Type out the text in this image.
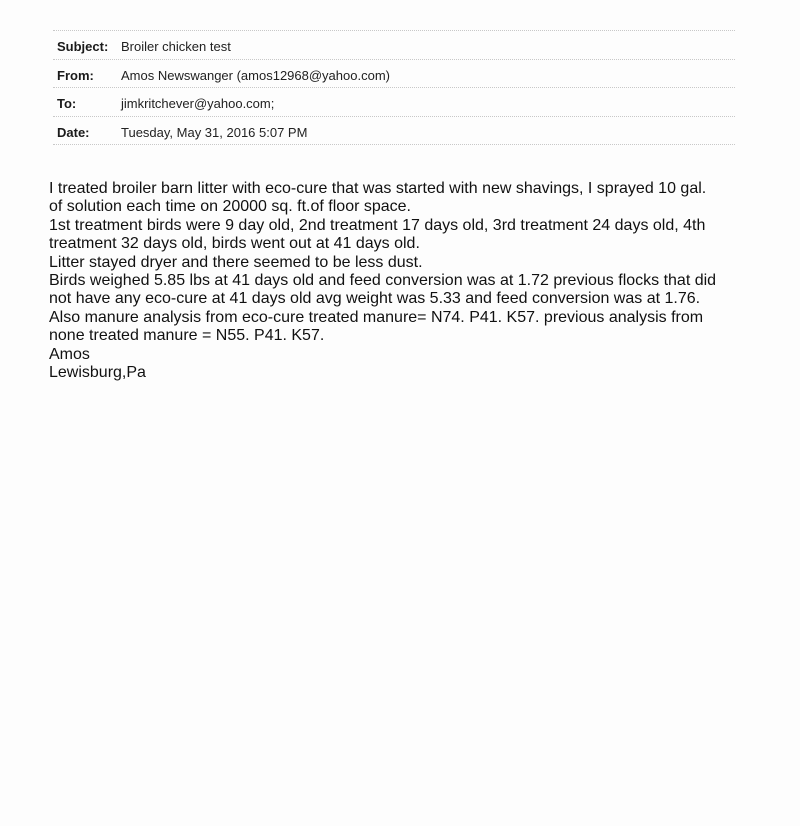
Subject: Broiler chicken test
From: Amos Newswanger (amos12968@yahoo.com)
To:	jimkritchever@yahoo.com;
Date: Tuesday, May 31, 2016 5:07 PM
I treated broiler barn litter with eco-cure that was started with new shavings, I sprayed 10 gal.
of solution each time on 20000 sq. ft.of floor space.
1st treatment birds were 9 day old, 2nd treatment 17 days old, 3rd treatment 24 days old, 4th
treatment 32 days old, birds went out at 41 days old.
Litter stayed dryer and there seemed to be less dust.
Birds weighed 5.85 lbs at 41 days old and feed conversion was at 1.72 previous flocks that did
not have any eco-cure at 41 days old avg weight was 5.33 and feed conversion was at 1.76.
Also manure analysis from eco-cure treated manure= N74. P41. K57. previous analysis from
none treated manure = N55. P41. K57.
Amos
Lewisburg,Pa
